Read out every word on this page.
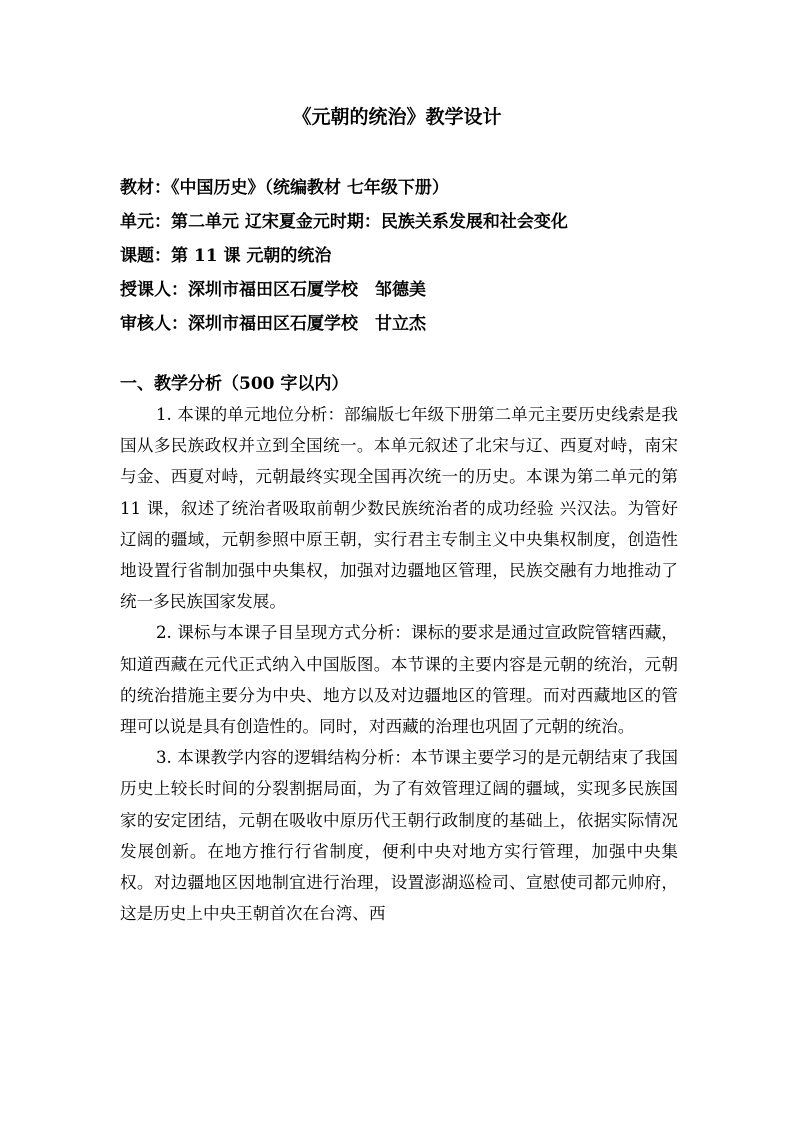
《元朝的统治》教学设计
教材：《中国历史》（统编教材 七年级下册）
单元：第二单元 辽宋夏金元时期：民族关系发展和社会变化
课题：第 11 课 元朝的统治
授课人：深圳市福田区石厦学校　邹德美
审核人：深圳市福田区石厦学校　甘立杰
一、教学分析（500 字以内）

1. 本课的单元地位分析：部编版七年级下册第二单元主要历史线索是我国从多民族政权并立到全国统一。本单元叙述了北宋与辽、西夏对峙，南宋与金、西夏对峙，元朝最终实现全国再次统一的历史。本课为第二单元的第 11 课，叙述了统治者吸取前朝少数民族统治者的成功经验 兴汉法。为管好辽阔的疆域，元朝参照中原王朝，实行君主专制主义中央集权制度，创造性地设置行省制加强中央集权，加强对边疆地区管理，民族交融有力地推动了统一多民族国家发展。

2. 课标与本课子目呈现方式分析：课标的要求是通过宣政院管辖西藏，知道西藏在元代正式纳入中国版图。本节课的主要内容是元朝的统治，元朝的统治措施主要分为中央、地方以及对边疆地区的管理。而对西藏地区的管理可以说是具有创造性的。同时，对西藏的治理也巩固了元朝的统治。

3. 本课教学内容的逻辑结构分析：本节课主要学习的是元朝结束了我国历史上较长时间的分裂割据局面，为了有效管理辽阔的疆域，实现多民族国家的安定团结，元朝在吸收中原历代王朝行政制度的基础上，依据实际情况发展创新。在地方推行行省制度，便利中央对地方实行管理，加强中央集权。对边疆地区因地制宜进行治理，设置澎湖巡检司、宣慰使司都元帅府，这是历史上中央王朝首次在台湾、西
